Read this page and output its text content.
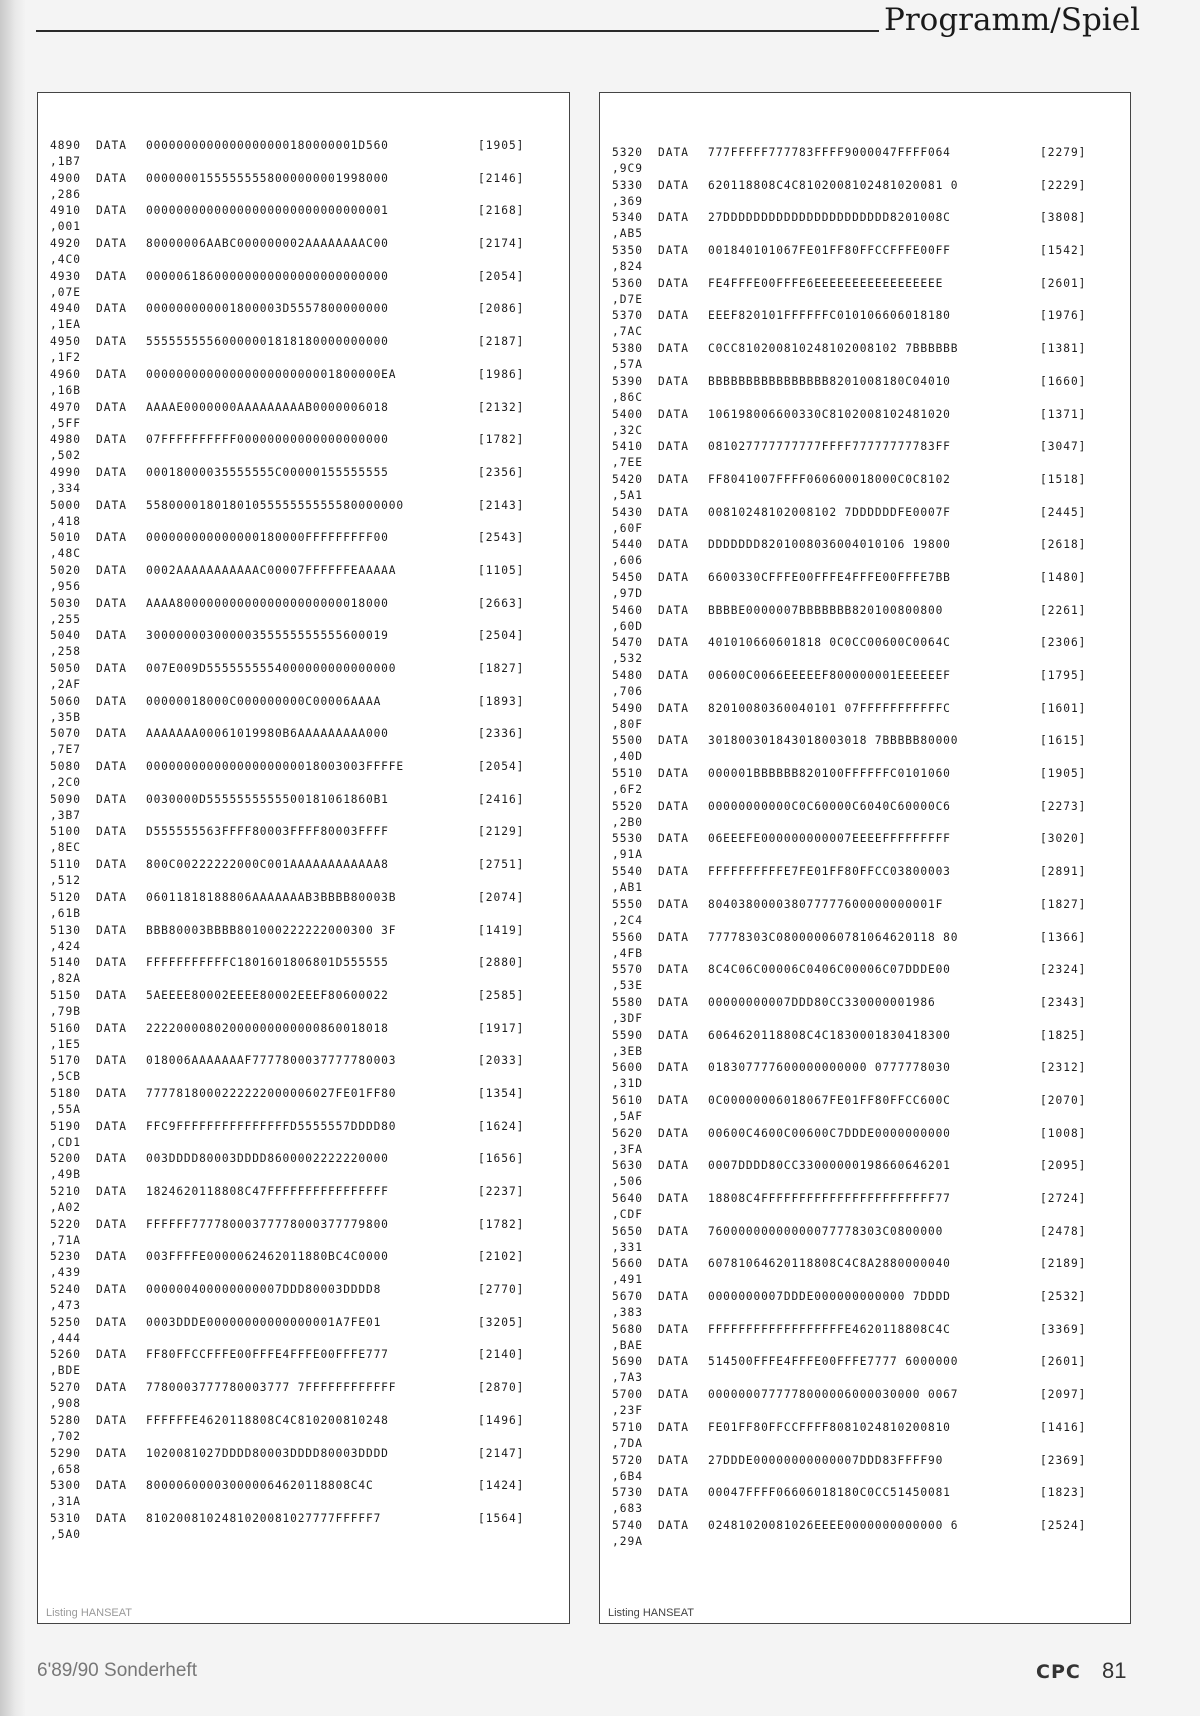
Programm/Spiel
4890 DATA 0000000000000000000180000001D560	[1905]
,1B7
4900 DATA 00000001555555558000000001998000	[2146]
,286
4910 DATA 00000000000000000000000000000001	[2168]
,001
4920 DATA 80000006AABC000000002AAAAAAAAC00	[2174]
,4C0
4930 DATA 00000618600000000000000000000000	[2054]
,07E
4940 DATA 000000000001800003D5557800000000	[2086]
,1EA
4950 DATA 55555555560000001818180000000000	[2187]
,1F2
4960 DATA 0000000000000000000000001800000EA	[1986]
,16B
4970 DATA AAAAE0000000AAAAAAAAAB0000006018	[2132]
,5FF
4980 DATA 07FFFFFFFFFF00000000000000000000	[1782]
,502
4990 DATA 00018000035555555C00000155555555	[2356]
,334
5000 DATA 5580000180180105555555555580000000	[2143]
,418
5010 DATA 000000000000000180000FFFFFFFFF00	[2543]
,48C
5020 DATA 0002AAAAAAAAAAAC00007FFFFFFEAAAAA	[1105]
,956
5030 DATA AAAA8000000000000000000000018000	[2663]
,255
5040 DATA 30000000300000355555555555600019	[2504]
,258
5050 DATA 007E009D5555555554000000000000000	[1827]
,2AF
5060 DATA 00000018000C000000000C00006AAAA	[1893]
,35B
5070 DATA AAAAAAA00061019980B6AAAAAAAAA000	[2336]
,7E7
5080 DATA 00000000000000000000018003003FFFFE	[2054]
,2C0
5090 DATA 0030000D5555555555500181061860B1	[2416]
,3B7
5100 DATA D555555563FFFF80003FFFF80003FFFF	[2129]
,8EC
5110 DATA 800C00222222000C001AAAAAAAAAAAA8	[2751]
,512
5120 DATA 06011818188806AAAAAAAB3BBBB80003B	[2074]
,61B
5130 DATA BBB80003BBBB801000222222000300 3F	[1419]
,424
5140 DATA FFFFFFFFFFFC1801601806801D555555	[2880]
,82A
5150 DATA 5AEEEE80002EEEE80002EEEF80600022	[2585]
,79B
5160 DATA 22220000802000000000000860018018	[1917]
,1E5
5170 DATA 018006AAAAAAAF7777800037777780003	[2033]
,5CB
5180 DATA 7777818000222222000006027FE01FF80	[1354]
,55A
5190 DATA FFC9FFFFFFFFFFFFFFFD5555557DDDD80	[1624]
,CD1
5200 DATA 003DDDD80003DDDD8600002222220000	[1656]
,49B
5210 DATA 1824620118808C47FFFFFFFFFFFFFFFF	[2237]
,A02
5220 DATA FFFFFF77778000377778000377779800	[1782]
,71A
5230 DATA 003FFFFE0000062462011880BC4C0000	[2102]
,439
5240 DATA 000000400000000007DDD80003DDDD8	[2770]
,473
5250 DATA 0003DDDE00000000000000001A7FE01	[3205]
,444
5260 DATA FF80FFCCFFFE00FFFE4FFFE00FFFE777	[2140]
,BDE
5270 DATA 7780003777780003777 7FFFFFFFFFFFF	[2870]
,908
5280 DATA FFFFFFE4620118808C4C810200810248	[1496]
,702
5290 DATA 1020081027DDDD80003DDDD80003DDDD	[2147]
,658
5300 DATA 800006000030000064620118808C4C	[1424]
,31A
5310 DATA 8102008102481020081027777FFFFF7	[1564]
,5A0
Listing HANSEAT
5320 DATA 777FFFFF777783FFFF9000047FFFF064	[2279]
,9C9
5330 DATA 620118808C4C8102008102481020081 0	[2229]
,369
5340 DATA 27DDDDDDDDDDDDDDDDDDDDDD8201008C	[3808]
,AB5
5350 DATA 001840101067FE01FF80FFCCFFFE00FF	[1542]
,824
5360 DATA FE4FFFE00FFFE6EEEEEEEEEEEEEEEEE	[2601]
,D7E
5370 DATA EEEF820101FFFFFFC010106606018180	[1976]
,7AC
5380 DATA C0CC810200810248102008102 7BBBBBB	[1381]
,57A
5390 DATA BBBBBBBBBBBBBBBB8201008180C04010	[1660]
,86C
5400 DATA 106198006600330C8102008102481020	[1371]
,32C
5410 DATA 081027777777777FFFF77777777783FF	[3047]
,7EE
5420 DATA FF8041007FFFF060600018000C0C8102	[1518]
,5A1
5430 DATA 00810248102008102 7DDDDDDFE0007F	[2445]
,60F
5440 DATA DDDDDDD8201008036004010106 19800	[2618]
,606
5450 DATA 6600330CFFFE00FFFE4FFFE00FFFE7BB	[1480]
,97D
5460 DATA BBBBE0000007BBBBBBB820100800800	[2261]
,60D
5470 DATA 401010660601818 0C0CC00600C0064C	[2306]
,532
5480 DATA 00600C0066EEEEEF800000001EEEEEEF	[1795]
,706
5490 DATA 82010080360040101 07FFFFFFFFFFFC	[1601]
,80F
5500 DATA 301800301843018003018 7BBBBB80000	[1615]
,40D
5510 DATA 000001BBBBBB820100FFFFFFC0101060	[1905]
,6F2
5520 DATA 00000000000C0C60000C6040C60000C6	[2273]
,2B0
5530 DATA 06EEEFE000000000007EEEEFFFFFFFFF	[3020]
,91A
5540 DATA FFFFFFFFFFE7FE01FF80FFCC03800003	[2891]
,AB1
5550 DATA 804038000038077777600000000001F	[1827]
,2C4
5560 DATA 77778303C080000060781064620118 80	[1366]
,4FB
5570 DATA 8C4C06C00006C0406C00006C07DDDE00	[2324]
,53E
5580 DATA 00000000007DDD80CC330000001986	[2343]
,3DF
5590 DATA 6064620118808C4C1830001830418300	[1825]
,3EB
5600 DATA 018307777600000000000 0777778030	[2312]
,31D
5610 DATA 0C00000006018067FE01FF80FFCC600C	[2070]
,5AF
5620 DATA 00600C4600C00600C7DDDE0000000000	[1008]
,3FA
5630 DATA 0007DDDD80CC33000000198660646201	[2095]
,506
5640 DATA 18808C4FFFFFFFFFFFFFFFFFFFFFFF77	[2724]
,CDF
5650 DATA 76000000000000077778303C0800000	[2478]
,331
5660 DATA 60781064620118808C4C8A2880000040	[2189]
,491
5670 DATA 0000000007DDDE000000000000 7DDDD	[2532]
,383
5680 DATA FFFFFFFFFFFFFFFFFFE4620118808C4C	[3369]
,BAE
5690 DATA 514500FFFE4FFFE00FFFE7777 6000000	[2601]
,7A3
5700 DATA 0000000777778000006000030000 0067	[2097]
,23F
5710 DATA FE01FF80FFCCFFFF8081024810200810	[1416]
,7DA
5720 DATA 27DDDE00000000000007DDD83FFFF90	[2369]
,6B4
5730 DATA 00047FFFF06606018180C0CC51450081	[1823]
,683
5740 DATA 02481020081026EEEE0000000000000 6	[2524]
,29A
Listing HANSEAT
6'89/90 Sonderheft	CPC 81
